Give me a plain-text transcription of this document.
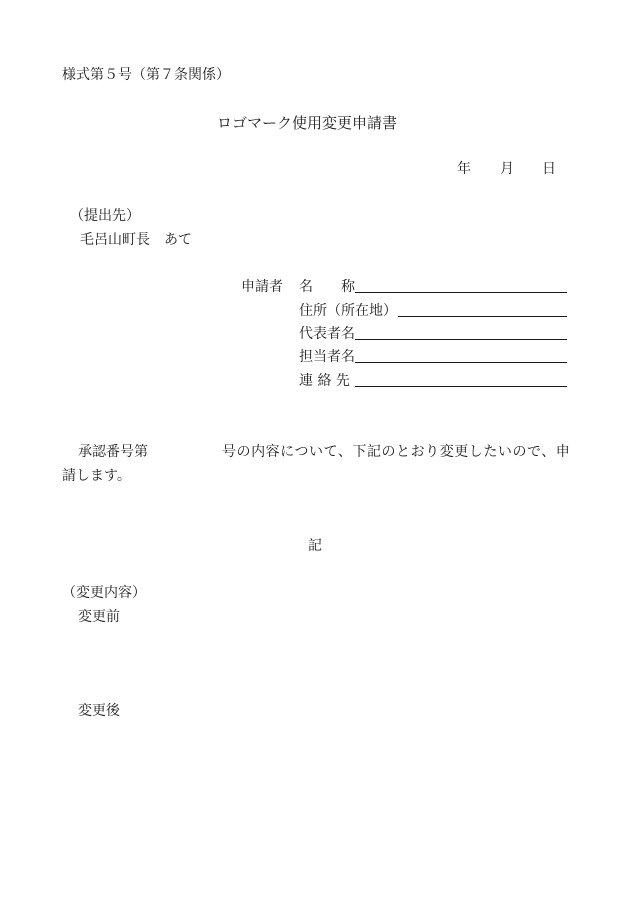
様式第５号（第７条関係）
ロゴマーク使用変更申請書
年 月 日
（提出先）
毛呂山町長　あて
申請者 名　　称
住所（所在地）
代表者名
担当者名
連 絡 先
承認番号第	号の内容について、下記のとおり変更したいので、申
請します。
記
（変更内容）
変更前
変更後
